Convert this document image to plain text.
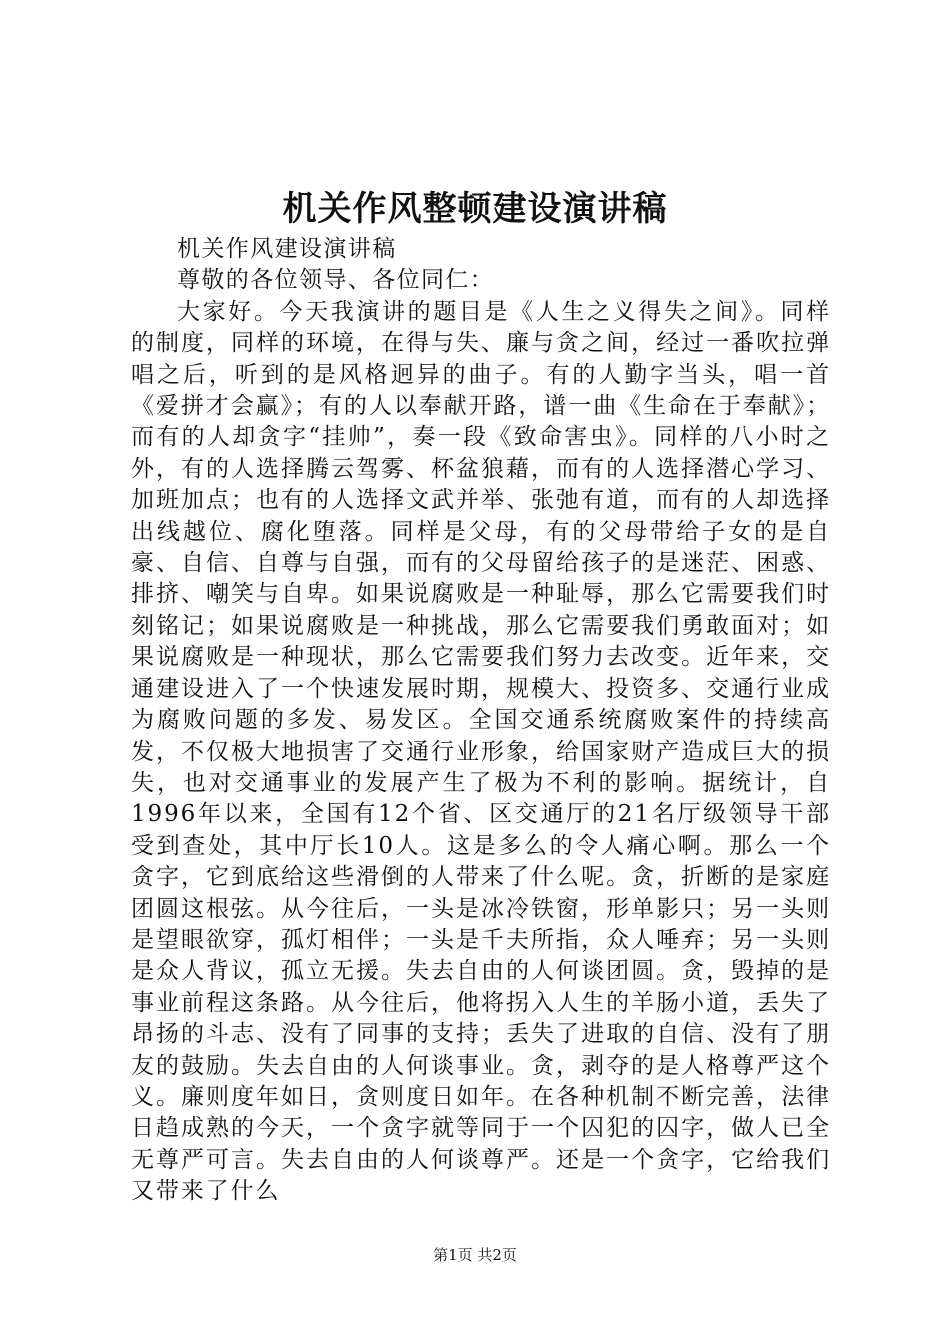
机关作风整顿建设演讲稿

机关作风建设演讲稿

尊敬的各位领导、各位同仁：

大家好。今天我演讲的题目是《人生之义得失之间》。同样的制度，同样的环境，在得与失、廉与贪之间，经过一番吹拉弹唱之后，听到的是风格迥异的曲子。有的人勤字当头，唱一首《爱拼才会赢》；有的人以奉献开路，谱一曲《生命在于奉献》；而有的人却贪字“挂帅”，奏一段《致命害虫》。同样的八小时之外，有的人选择腾云驾雾、杯盆狼藉，而有的人选择潜心学习、加班加点；也有的人选择文武并举、张弛有道，而有的人却选择出线越位、腐化堕落。同样是父母，有的父母带给子女的是自豪、自信、自尊与自强，而有的父母留给孩子的是迷茫、困惑、排挤、嘲笑与自卑。如果说腐败是一种耻辱，那么它需要我们时刻铭记；如果说腐败是一种挑战，那么它需要我们勇敢面对；如果说腐败是一种现状，那么它需要我们努力去改变。近年来，交通建设进入了一个快速发展时期，规模大、投资多、交通行业成为腐败问题的多发、易发区。全国交通系统腐败案件的持续高发，不仅极大地损害了交通行业形象，给国家财产造成巨大的损失，也对交通事业的发展产生了极为不利的影响。据统计，自1996年以来，全国有12个省、区交通厅的21名厅级领导干部受到查处，其中厅长10人。这是多么的令人痛心啊。那么一个贪字，它到底给这些滑倒的人带来了什么呢。贪，折断的是家庭团圆这根弦。从今往后，一头是冰冷铁窗，形单影只；另一头则是望眼欲穿，孤灯相伴；一头是千夫所指，众人唾弃；另一头则是众人背议，孤立无援。失去自由的人何谈团圆。贪，毁掉的是事业前程这条路。从今往后，他将拐入人生的羊肠小道，丢失了昂扬的斗志、没有了同事的支持；丢失了进取的自信、没有了朋友的鼓励。失去自由的人何谈事业。贪，剥夺的是人格尊严这个义。廉则度年如日，贪则度日如年。在各种机制不断完善，法律日趋成熟的今天，一个贪字就等同于一个囚犯的囚字，做人已全无尊严可言。失去自由的人何谈尊严。还是一个贪字，它给我们又带来了什么

第1页 共2页
